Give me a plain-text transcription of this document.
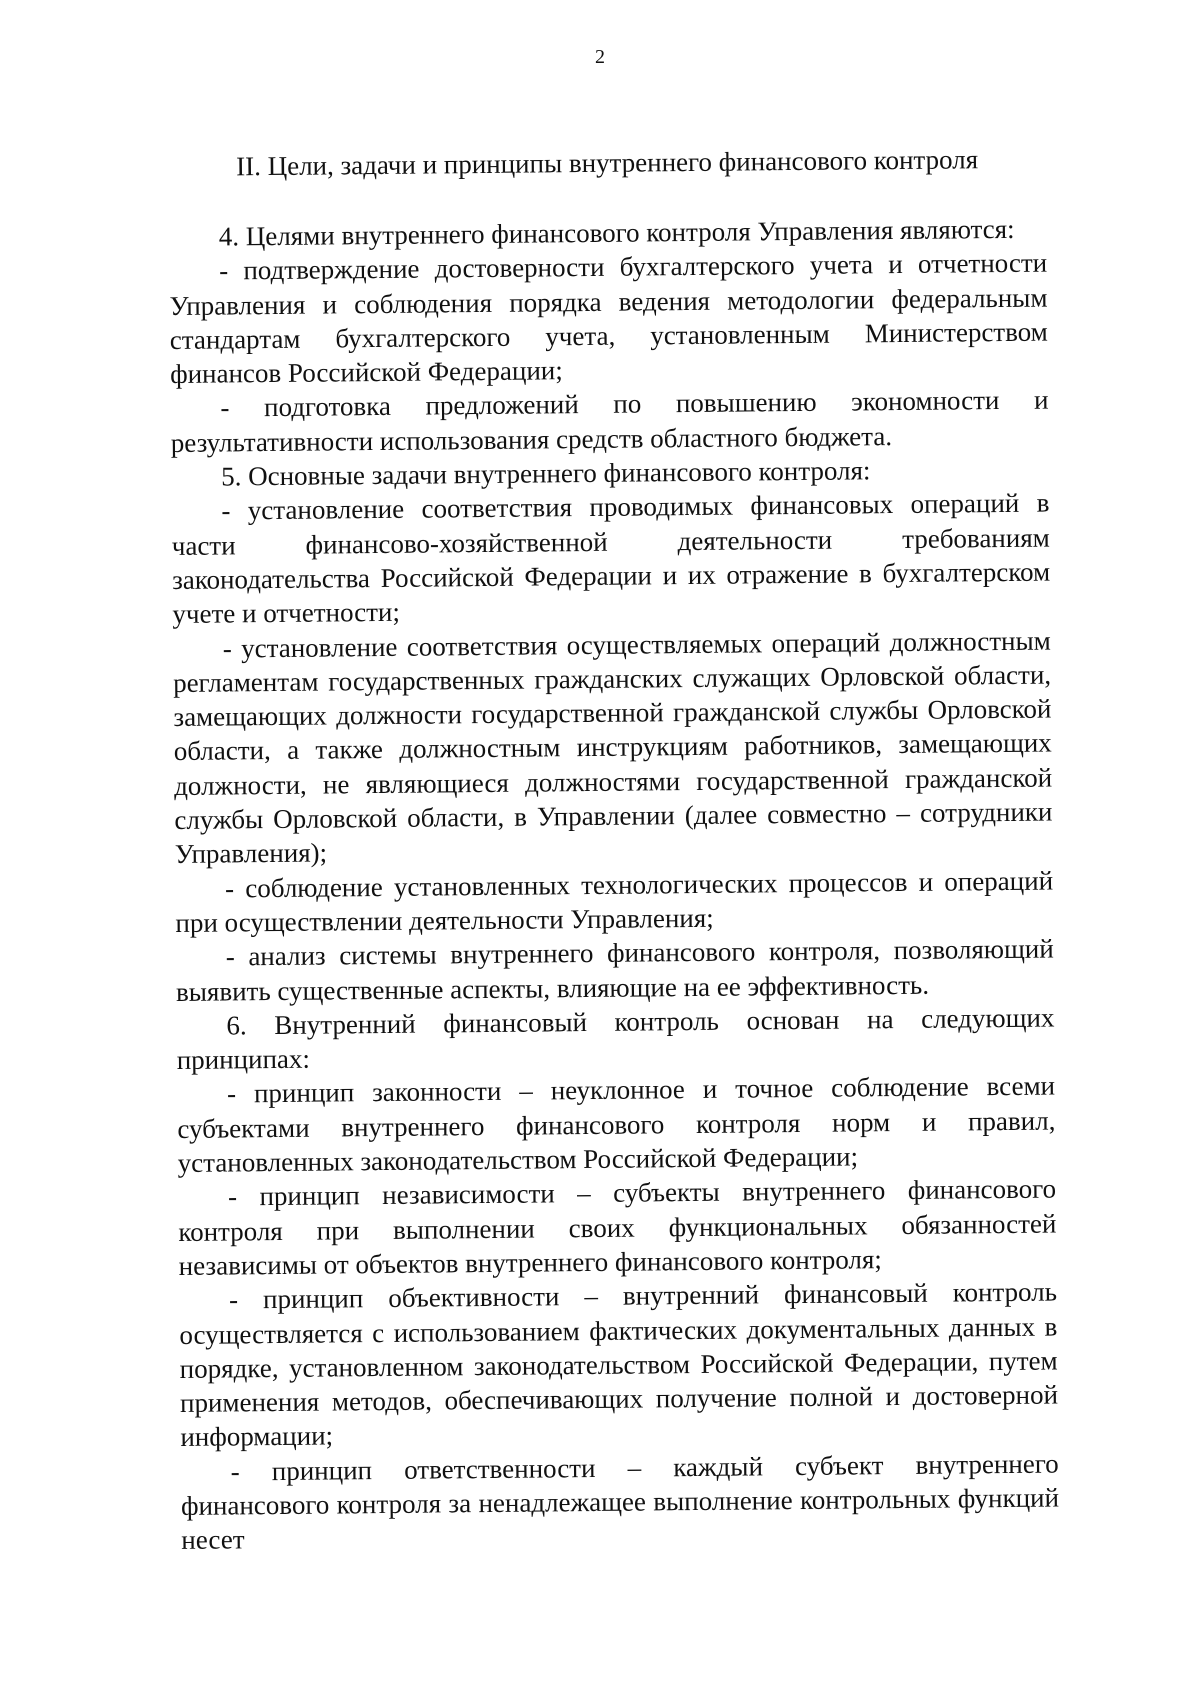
2
II. Цели, задачи и принципы внутреннего финансового контроля

4. Целями внутреннего финансового контроля Управления являются:

- подтверждение достоверности бухгалтерского учета и отчетности Управления и соблюдения порядка ведения методологии федеральным стандартам бухгалтерского учета, установленным Министерством финансов Российской Федерации;

- подготовка предложений по повышению экономности и результативности использования средств областного бюджета.

5. Основные задачи внутреннего финансового контроля:

- установление соответствия проводимых финансовых операций в части финансово-хозяйственной деятельности требованиям законодательства Российской Федерации и их отражение в бухгалтерском учете и отчетности;

- установление соответствия осуществляемых операций должностным регламентам государственных гражданских служащих Орловской области, замещающих должности государственной гражданской службы Орловской области, а также должностным инструкциям работников, замещающих должности, не являющиеся должностями государственной гражданской службы Орловской области, в Управлении (далее совместно – сотрудники Управления);

- соблюдение установленных технологических процессов и операций при осуществлении деятельности Управления;

- анализ системы внутреннего финансового контроля, позволяющий выявить существенные аспекты, влияющие на ее эффективность.

6. Внутренний финансовый контроль основан на следующих принципах:

- принцип законности – неуклонное и точное соблюдение всеми субъектами внутреннего финансового контроля норм и правил, установленных законодательством Российской Федерации;

- принцип независимости – субъекты внутреннего финансового контроля при выполнении своих функциональных обязанностей независимы от объектов внутреннего финансового контроля;

- принцип объективности – внутренний финансовый контроль осуществляется с использованием фактических документальных данных в порядке, установленном законодательством Российской Федерации, путем применения методов, обеспечивающих получение полной и достоверной информации;

- принцип ответственности – каждый субъект внутреннего финансового контроля за ненадлежащее выполнение контрольных функций несет
